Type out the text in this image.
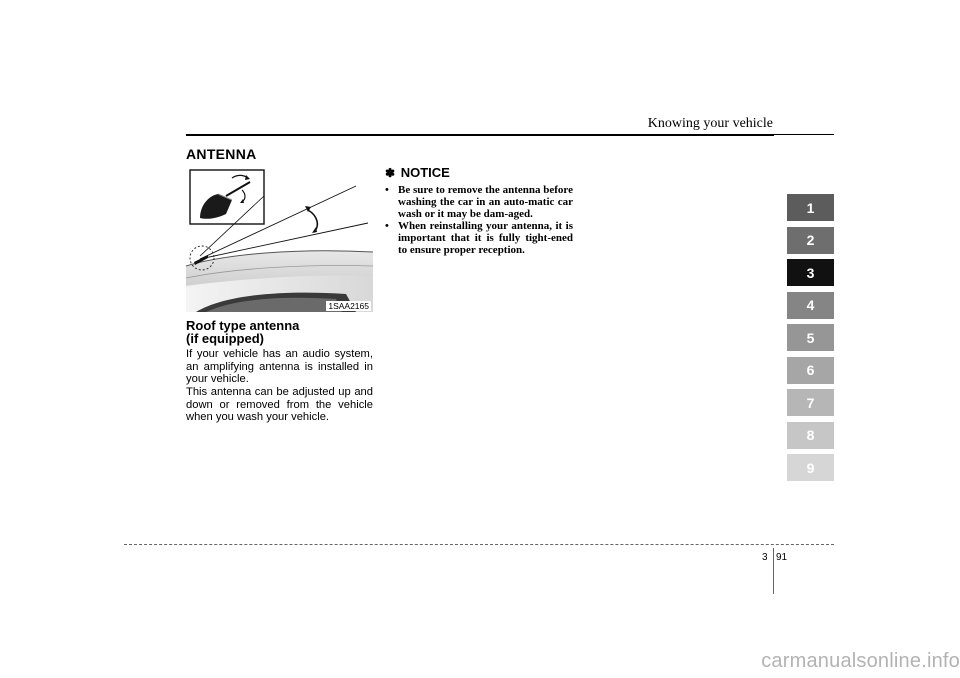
Knowing your vehicle
ANTENNA
1SAA2165
Roof type antenna
(if equipped)

If your vehicle has an audio system, an amplifying antenna is installed in your vehicle.

This antenna can be adjusted up and down or removed from the vehicle when you wash your vehicle.

✽ NOTICE
• Be sure to remove the antenna before washing the car in an auto-matic car wash or it may be dam-aged.
• When reinstalling your antenna, it is important that it is fully tight-ened to ensure proper reception.
1
2
3
4
5
6
7
8
9
3 91
carmanualsonline.info
